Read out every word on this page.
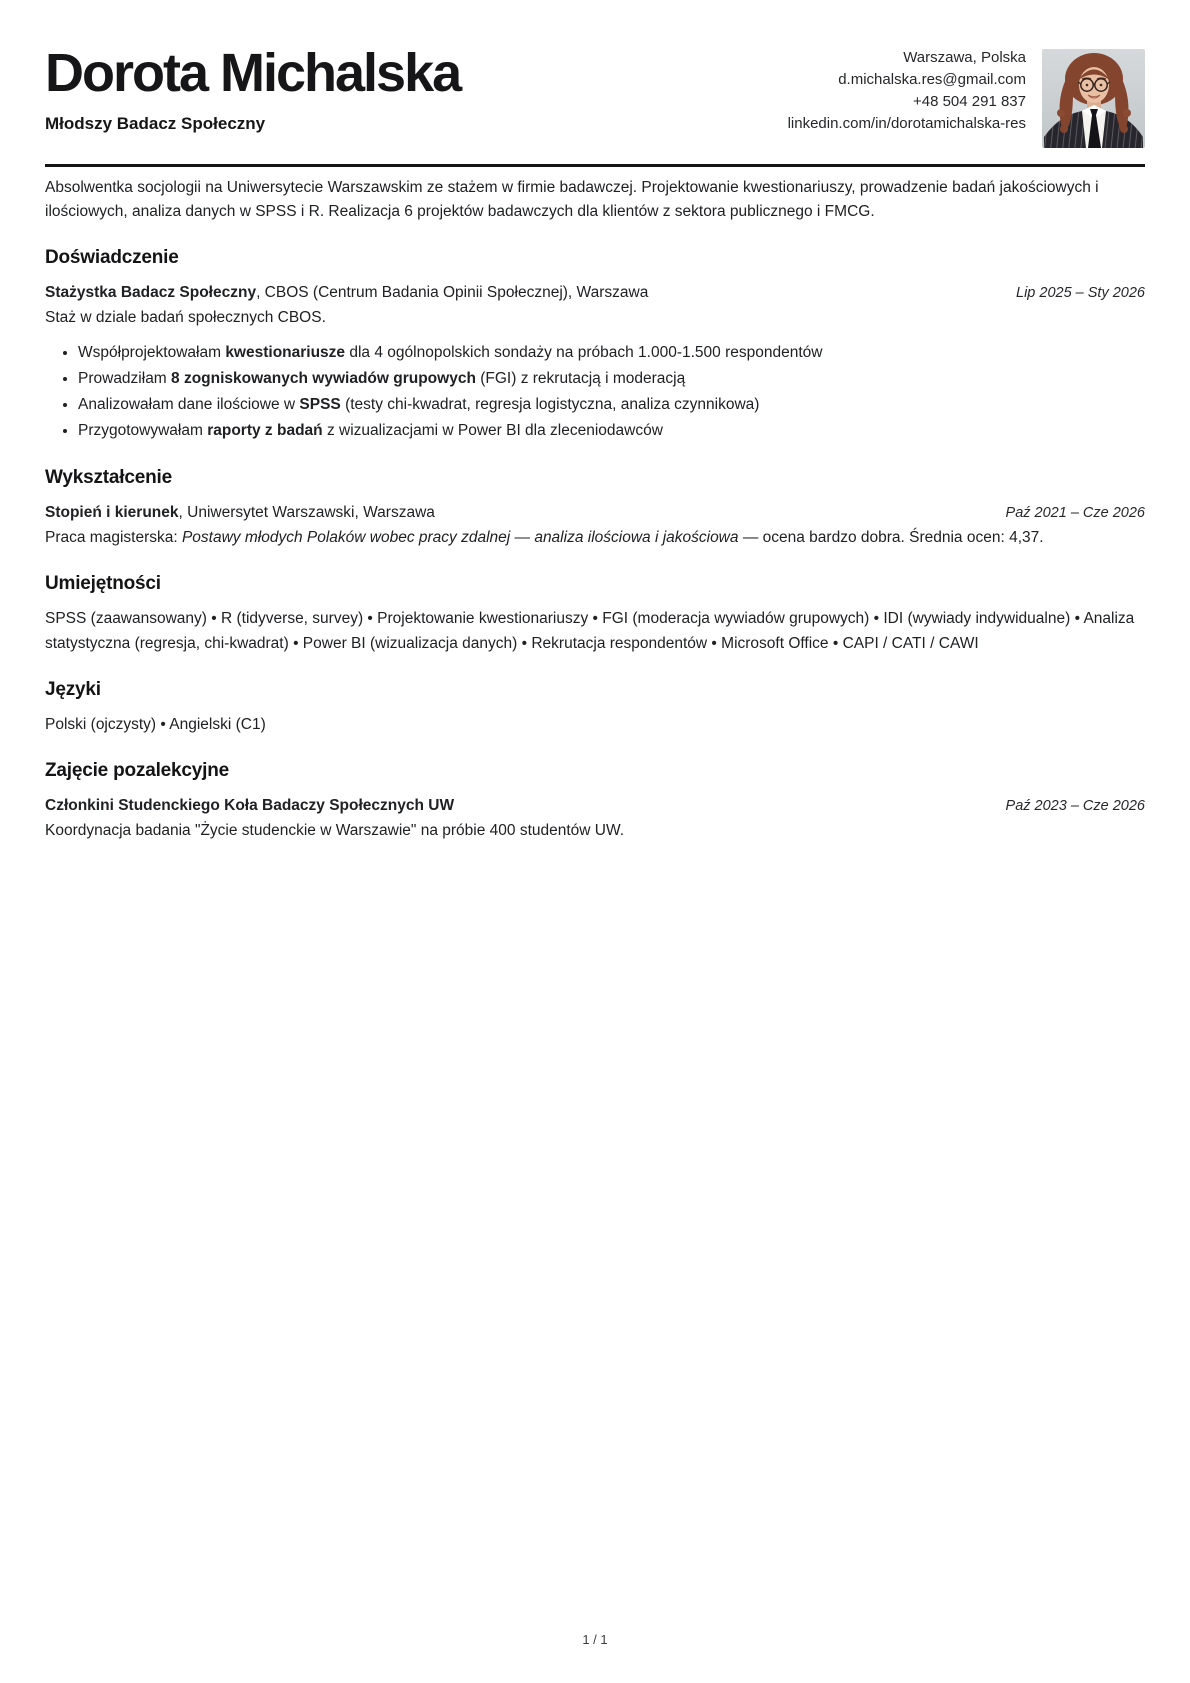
Dorota Michalska
Młodszy Badacz Społeczny
Warszawa, Polska
d.michalska.res@gmail.com
+48 504 291 837
linkedin.com/in/dorotamichalska-res

Absolwentka socjologii na Uniwersytecie Warszawskim ze stażem w firmie badawczej. Projektowanie kwestionariuszy, prowadzenie badań jakościowych i ilościowych, analiza danych w SPSS i R. Realizacja 6 projektów badawczych dla klientów z sektora publicznego i FMCG.

Doświadczenie
Stażystka Badacz Społeczny, CBOS (Centrum Badania Opinii Społecznej), Warszawa	Lip 2025 – Sty 2026
Staż w dziale badań społecznych CBOS.
• Współprojektowałam kwestionariusze dla 4 ogólnopolskich sondaży na próbach 1.000-1.500 respondentów
• Prowadziłam 8 zogniskowanych wywiadów grupowych (FGI) z rekrutacją i moderacją
• Analizowałam dane ilościowe w SPSS (testy chi-kwadrat, regresja logistyczna, analiza czynnikowa)
• Przygotowywałam raporty z badań z wizualizacjami w Power BI dla zleceniodawców
Wykształcenie
Stopień i kierunek, Uniwersytet Warszawski, Warszawa	Paź 2021 – Cze 2026
Praca magisterska: Postawy młodych Polaków wobec pracy zdalnej — analiza ilościowa i jakościowa — ocena bardzo dobra. Średnia ocen: 4,37.
Umiejętności

SPSS (zaawansowany) • R (tidyverse, survey) • Projektowanie kwestionariuszy • FGI (moderacja wywiadów grupowych) • IDI (wywiady indywidualne) • Analiza statystyczna (regresja, chi-kwadrat) • Power BI (wizualizacja danych) • Rekrutacja respondentów • Microsoft Office • CAPI / CATI / CAWI

Języki

Polski (ojczysty) • Angielski (C1)

Zajęcie pozalekcyjne
Członkini Studenckiego Koła Badaczy Społecznych UW	Paź 2023 – Cze 2026
Koordynacja badania "Życie studenckie w Warszawie" na próbie 400 studentów UW.
1 / 1
